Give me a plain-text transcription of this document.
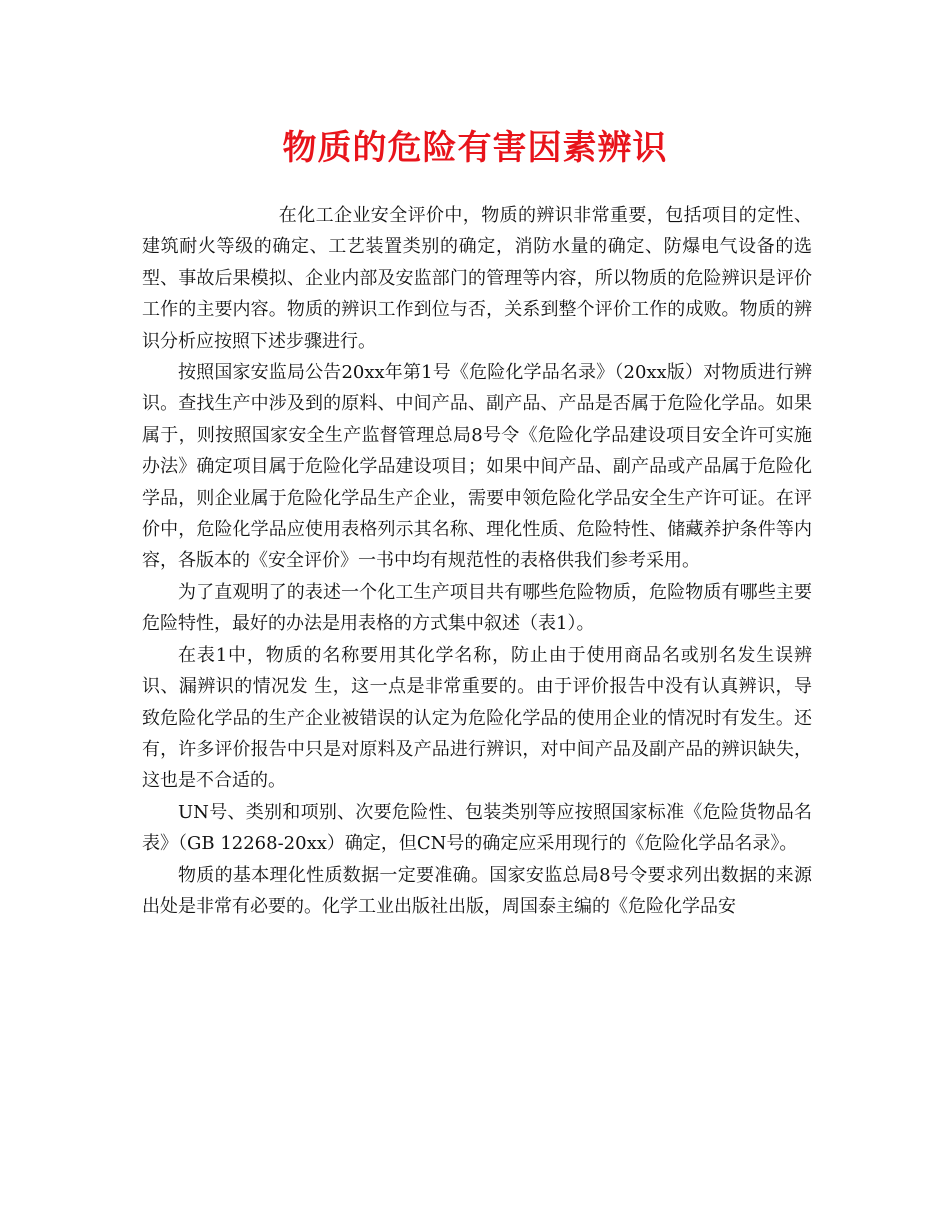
物质的危险有害因素辨识

在化工企业安全评价中，物质的辨识非常重要，包括项目的定性、建筑耐火等级的确定、工艺装置类别的确定，消防水量的确定、防爆电气设备的选型、事故后果模拟、企业内部及安监部门的管理等内容，所以物质的危险辨识是评价工作的主要内容。物质的辨识工作到位与否，关系到整个评价工作的成败。物质的辨识分析应按照下述步骤进行。

按照国家安监局公告20xx年第1号《危险化学品名录》（20xx版）对物质进行辨识。查找生产中涉及到的原料、中间产品、副产品、产品是否属于危险化学品。如果属于，则按照国家安全生产监督管理总局8号令《危险化学品建设项目安全许可实施办法》确定项目属于危险化学品建设项目；如果中间产品、副产品或产品属于危险化学品，则企业属于危险化学品生产企业，需要申领危险化学品安全生产许可证。在评价中，危险化学品应使用表格列示其名称、理化性质、危险特性、储藏养护条件等内容，各版本的《安全评价》一书中均有规范性的表格供我们参考采用。

为了直观明了的表述一个化工生产项目共有哪些危险物质，危险物质有哪些主要危险特性，最好的办法是用表格的方式集中叙述（表1）。

在表1中，物质的名称要用其化学名称，防止由于使用商品名或别名发生误辨识、漏辨识的情况发 生，这一点是非常重要的。由于评价报告中没有认真辨识，导致危险化学品的生产企业被错误的认定为危险化学品的使用企业的情况时有发生。还有，许多评价报告中只是对原料及产品进行辨识，对中间产品及副产品的辨识缺失，这也是不合适的。

UN号、类别和项别、次要危险性、包装类别等应按照国家标准《危险货物品名表》（GB 12268-20xx）确定，但CN号的确定应采用现行的《危险化学品名录》。

物质的基本理化性质数据一定要准确。国家安监总局8号令要求列出数据的来源出处是非常有必要的。化学工业出版社出版，周国泰主编的《危险化学品安
